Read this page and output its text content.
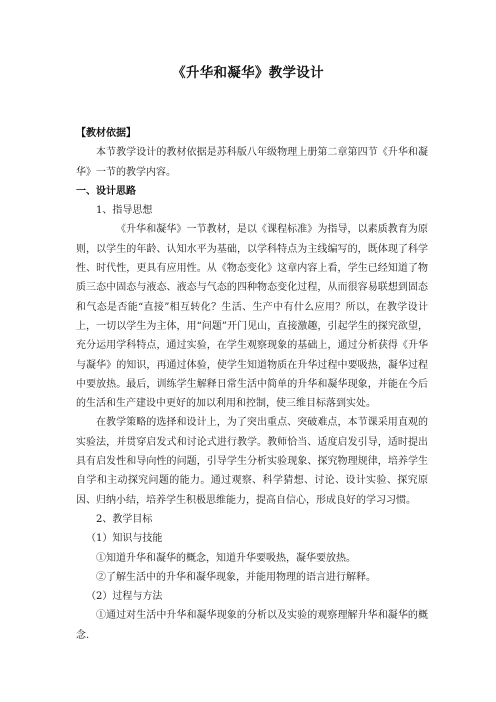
《升华和凝华》教学设计

【教材依据】

本节教学设计的教材依据是苏科版八年级物理上册第二章第四节《升华和凝华》一节的教学内容。

一、设计思路

1、指导思想

《升华和凝华》一节教材，是以《课程标准》为指导，以素质教育为原则，以学生的年龄、认知水平为基础，以学科特点为主线编写的，既体现了科学性、时代性，更具有应用性。从《物态变化》这章内容上看，学生已经知道了物质三态中固态与液态、液态与气态的四种物态变化过程，从而很容易联想到固态和气态是否能“直接”相互转化？生活、生产中有什么应用？所以，在教学设计上，一切以学生为主体，用“问题”开门见山，直接激趣，引起学生的探究欲望，充分运用学科特点，通过实验，在学生观察现象的基础上，通过分析获得《升华与凝华》的知识，再通过体验，使学生知道物质在升华过程中要吸热，凝华过程中要放热。最后，训练学生解释日常生活中简单的升华和凝华现象，并能在今后的生活和生产建设中更好的加以利用和控制，使三维目标落到实处。

在教学策略的选择和设计上，为了突出重点、突破难点，本节课采用直观的实验法，并贯穿启发式和讨论式进行教学。教师恰当、适度启发引导，适时提出具有启发性和导向性的问题，引导学生分析实验现象、探究物理规律，培养学生自学和主动探究问题的能力。通过观察、科学猜想、讨论、设计实验、探究原因、归纳小结，培养学生积极思维能力，提高自信心，形成良好的学习习惯。

2、教学目标

（1）知识与技能

①知道升华和凝华的概念，知道升华要吸热，凝华要放热。

②了解生活中的升华和凝华现象，并能用物理的语言进行解释。

（2）过程与方法

①通过对生活中升华和凝华现象的分析以及实验的观察理解升华和凝华的概念.
